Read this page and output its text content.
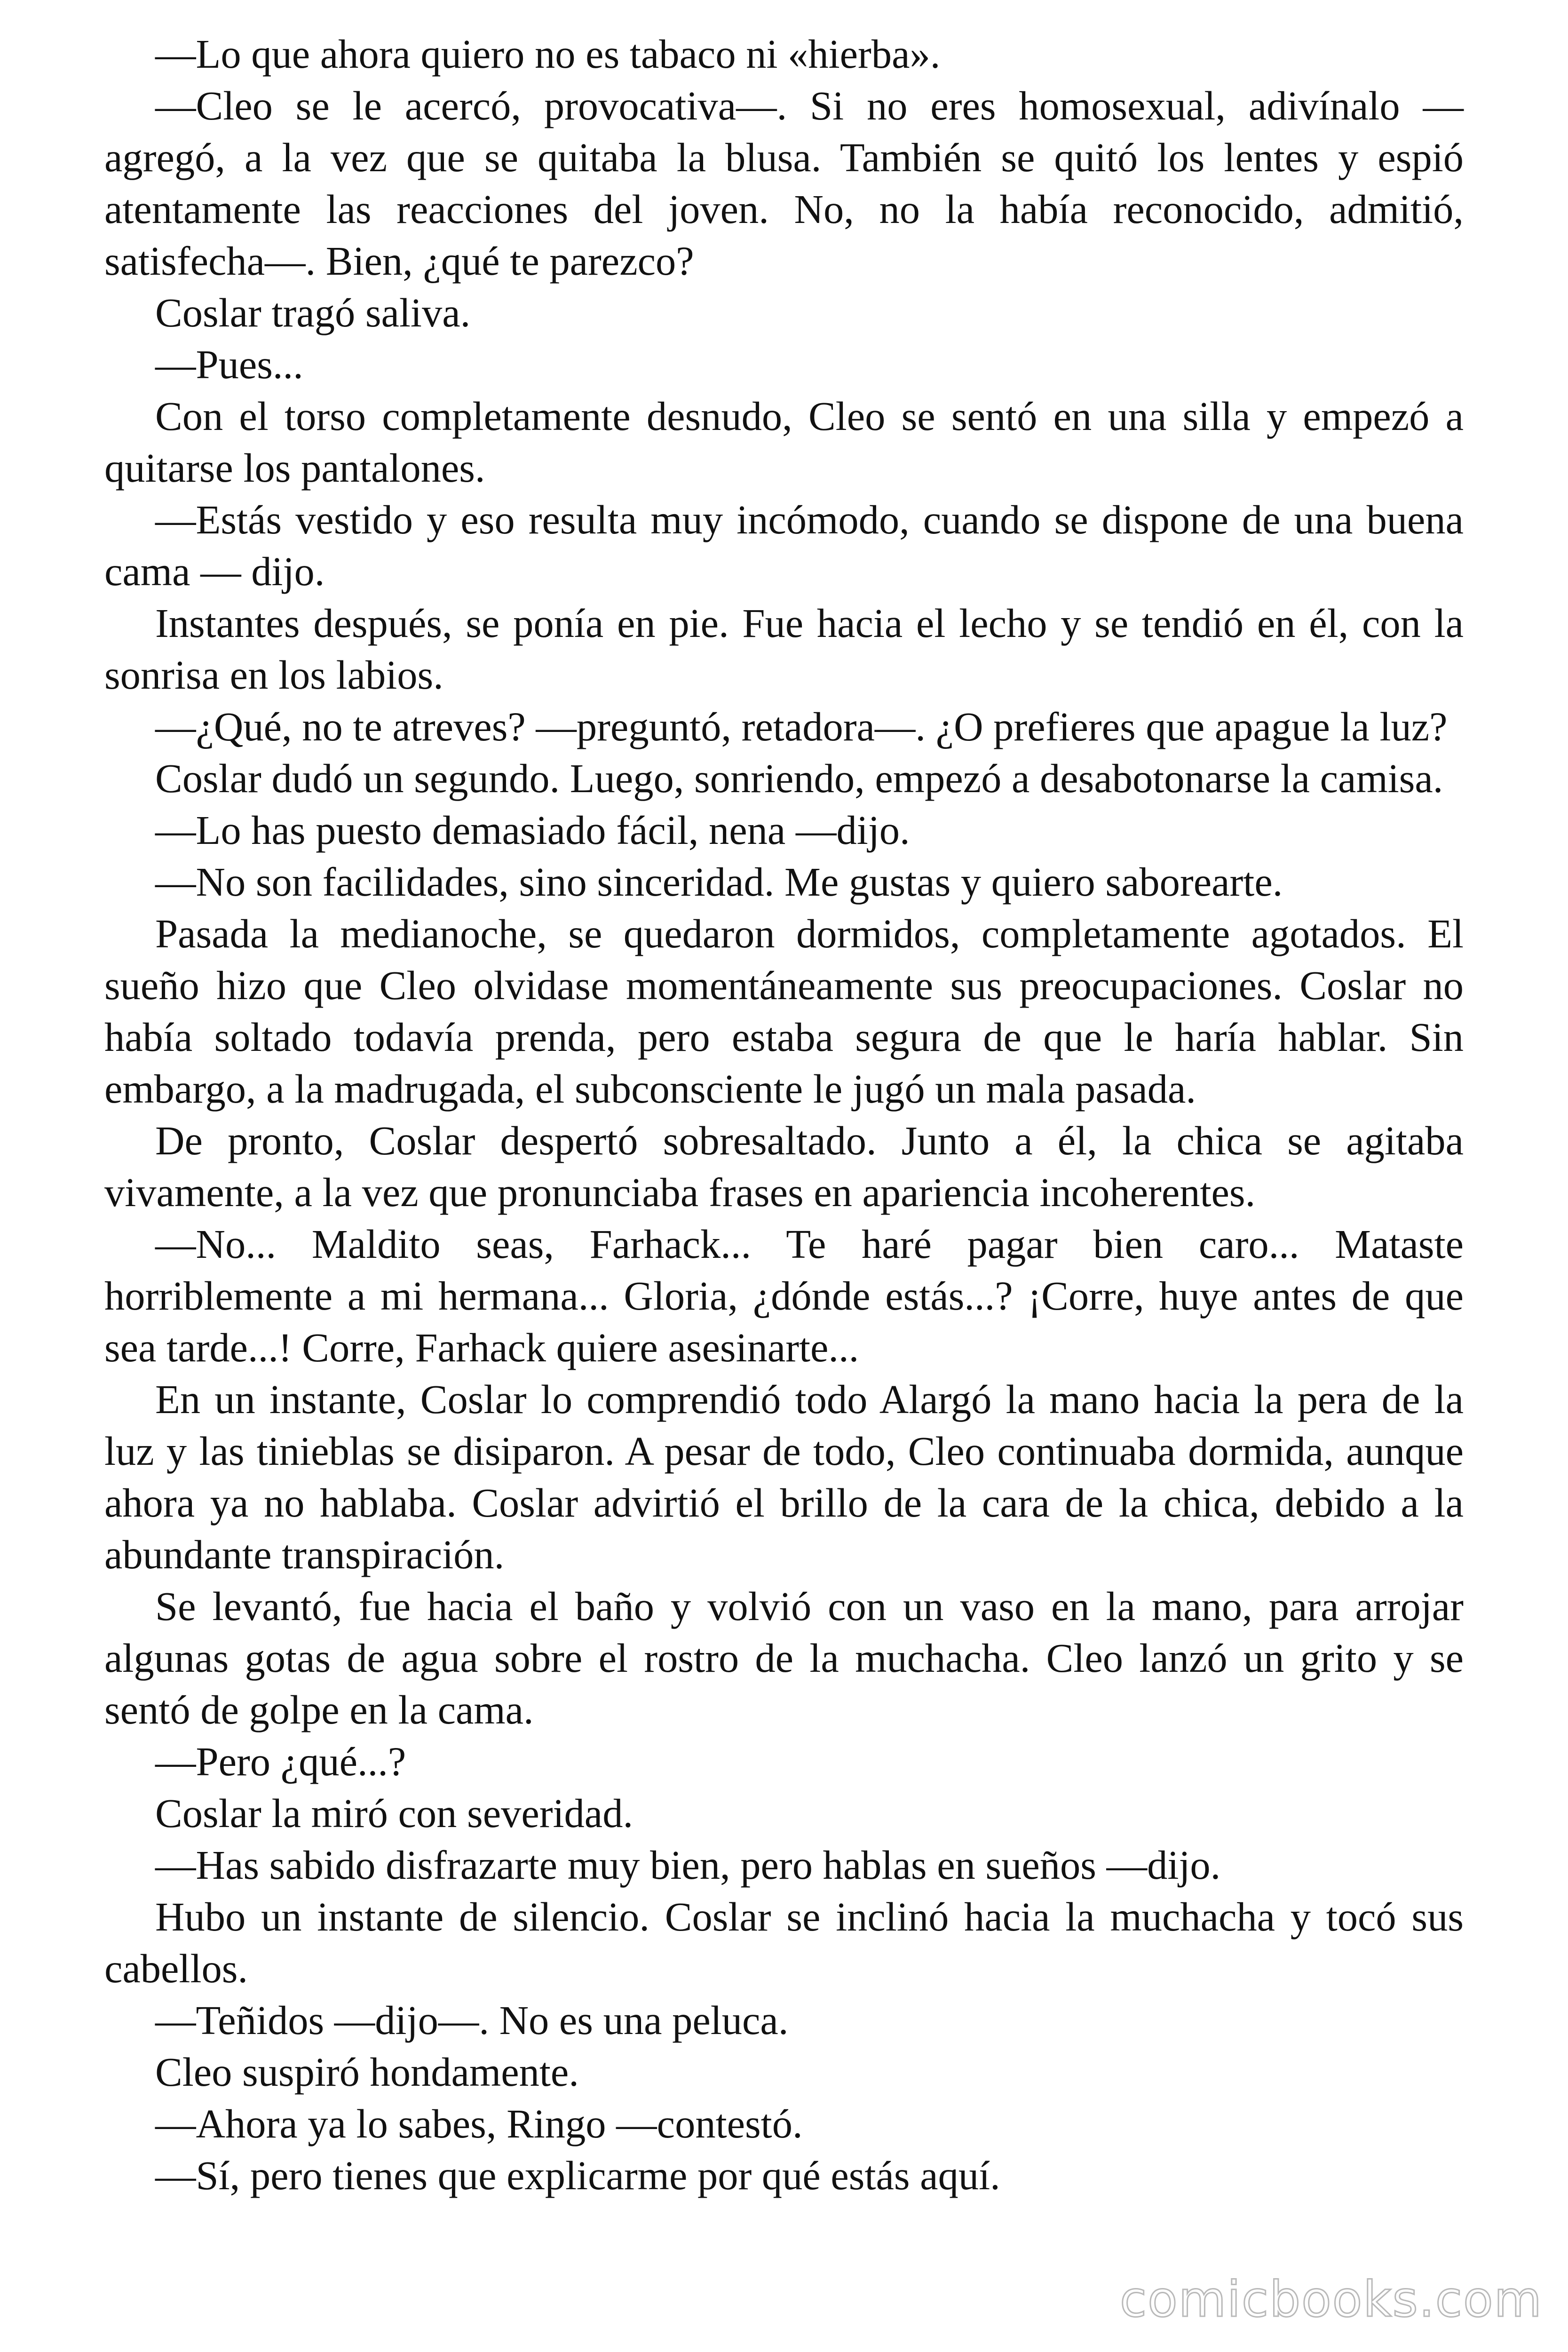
—Lo que ahora quiero no es tabaco ni «hierba».

—Cleo se le acercó, provocativa—. Si no eres homosexual, adivínalo — agregó, a la vez que se quitaba la blusa. También se quitó los lentes y espió atentamente las reacciones del joven. No, no la había reconocido, admitió, satisfecha—. Bien, ¿qué te parezco?

Coslar tragó saliva.

—Pues...

Con el torso completamente desnudo, Cleo se sentó en una silla y empezó a quitarse los pantalones.

—Estás vestido y eso resulta muy incómodo, cuando se dispone de una buena cama — dijo.

Instantes después, se ponía en pie. Fue hacia el lecho y se tendió en él, con la sonrisa en los labios.

—¿Qué, no te atreves? —preguntó, retadora—. ¿O prefieres que apague la luz?

Coslar dudó un segundo. Luego, sonriendo, empezó a desabotonarse la camisa.

—Lo has puesto demasiado fácil, nena —dijo.

—No son facilidades, sino sinceridad. Me gustas y quiero saborearte.

Pasada la medianoche, se quedaron dormidos, completamente agotados. El sueño hizo que Cleo olvidase momentáneamente sus preocupaciones. Coslar no había soltado todavía prenda, pero estaba segura de que le haría hablar. Sin embargo, a la madrugada, el subconsciente le jugó un mala pasada.

De pronto, Coslar despertó sobresaltado. Junto a él, la chica se agitaba vivamente, a la vez que pronunciaba frases en apariencia incoherentes.

—No... Maldito seas, Farhack... Te haré pagar bien caro... Mataste horriblemente a mi hermana... Gloria, ¿dónde estás...? ¡Corre, huye antes de que sea tarde...! Corre, Farhack quiere asesinarte...

En un instante, Coslar lo comprendió todo Alargó la mano hacia la pera de la luz y las tinieblas se disiparon. A pesar de todo, Cleo continuaba dormida, aunque ahora ya no hablaba. Coslar advirtió el brillo de la cara de la chica, debido a la abundante transpiración.

Se levantó, fue hacia el baño y volvió con un vaso en la mano, para arrojar algunas gotas de agua sobre el rostro de la muchacha. Cleo lanzó un grito y se sentó de golpe en la cama.

—Pero ¿qué...?

Coslar la miró con severidad.

—Has sabido disfrazarte muy bien, pero hablas en sueños —dijo.

Hubo un instante de silencio. Coslar se inclinó hacia la muchacha y tocó sus cabellos.

—Teñidos —dijo—. No es una peluca.

Cleo suspiró hondamente.

—Ahora ya lo sabes, Ringo —contestó.

—Sí, pero tienes que explicarme por qué estás aquí.

comicbooks.com
